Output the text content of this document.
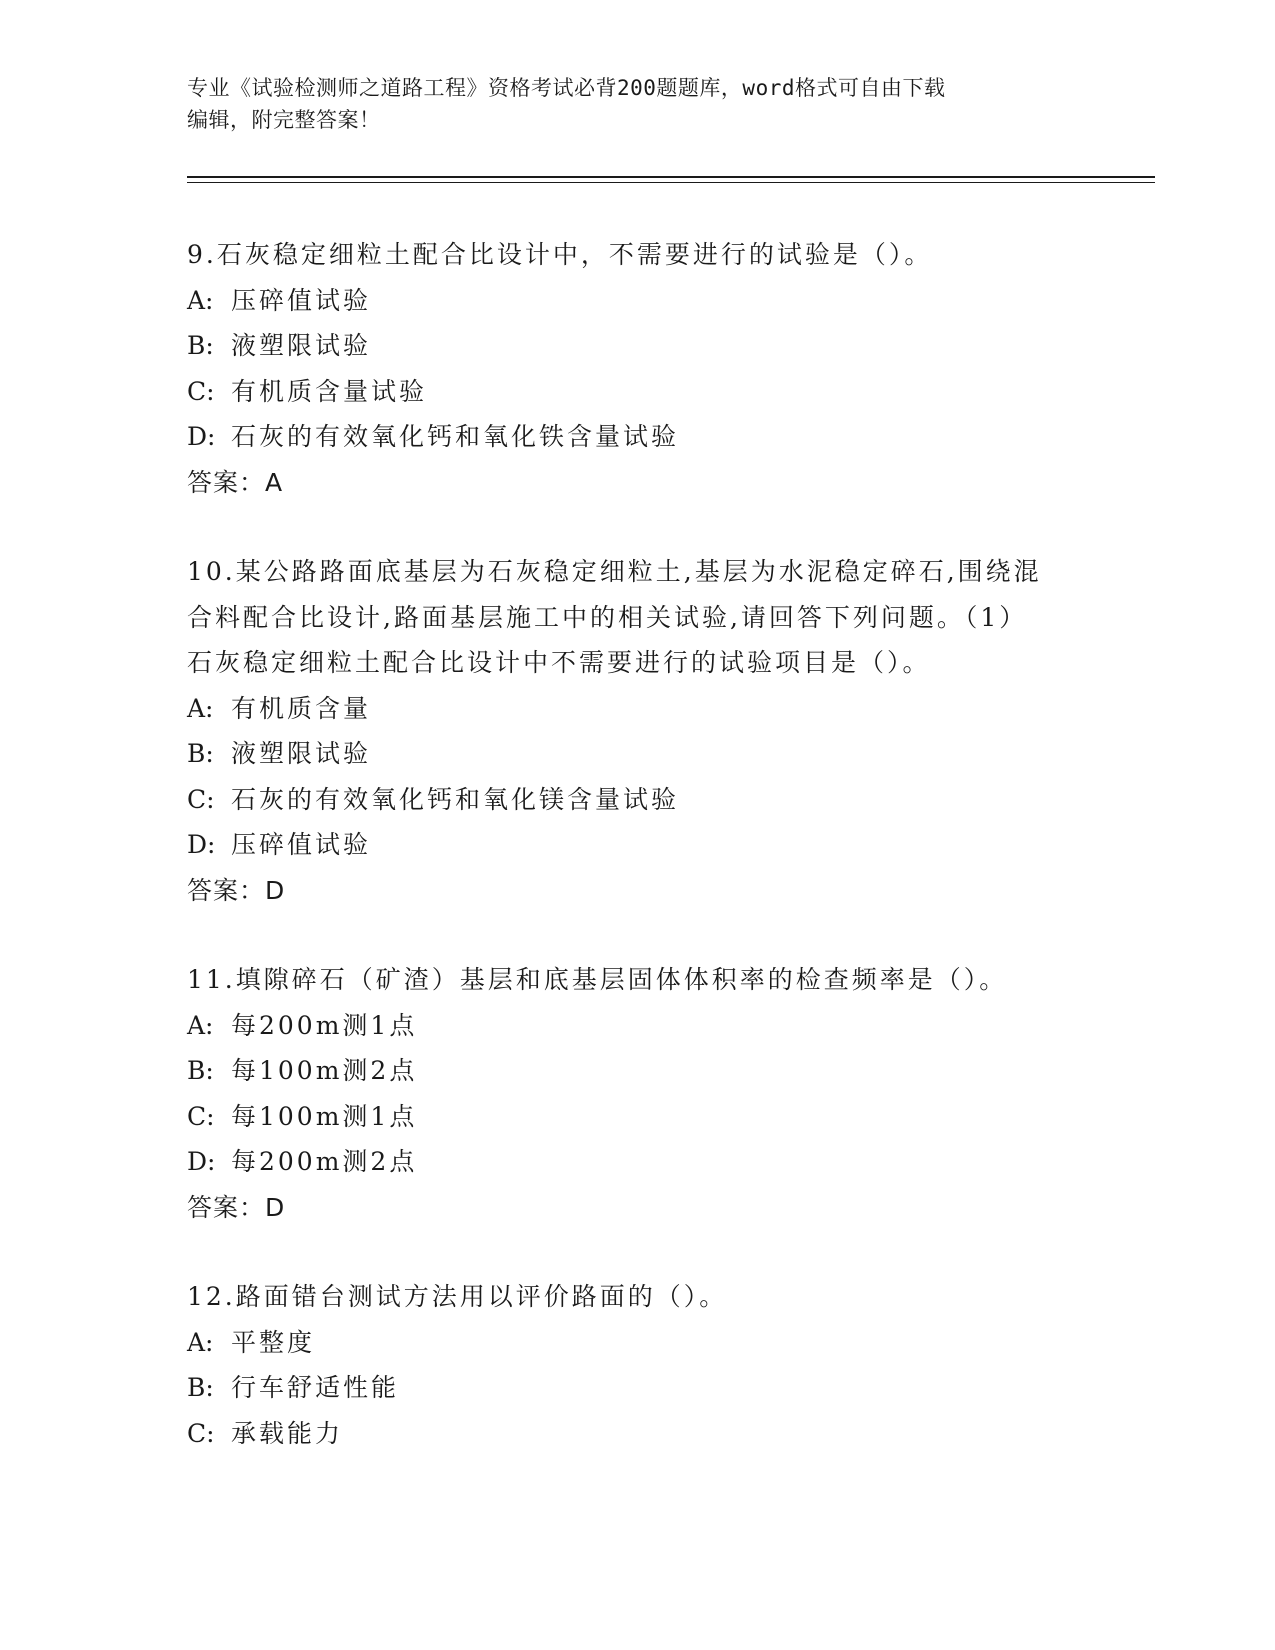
专业《试验检测师之道路工程》资格考试必背200题题库，word格式可自由下载
编辑，附完整答案！
9.石灰稳定细粒土配合比设计中，不需要进行的试验是（）。
A: 压碎值试验
B: 液塑限试验
C: 有机质含量试验
D: 石灰的有效氧化钙和氧化铁含量试验
答案：A
10.某公路路面底基层为石灰稳定细粒土,基层为水泥稳定碎石,围绕混
合料配合比设计,路面基层施工中的相关试验,请回答下列问题。（1）
石灰稳定细粒土配合比设计中不需要进行的试验项目是（）。
A: 有机质含量
B: 液塑限试验
C: 石灰的有效氧化钙和氧化镁含量试验
D: 压碎值试验
答案：D
11.填隙碎石（矿渣）基层和底基层固体体积率的检查频率是（）。
A: 每200m测1点
B: 每100m测2点
C: 每100m测1点
D: 每200m测2点
答案：D
12.路面错台测试方法用以评价路面的（）。
A: 平整度
B: 行车舒适性能
C: 承载能力
